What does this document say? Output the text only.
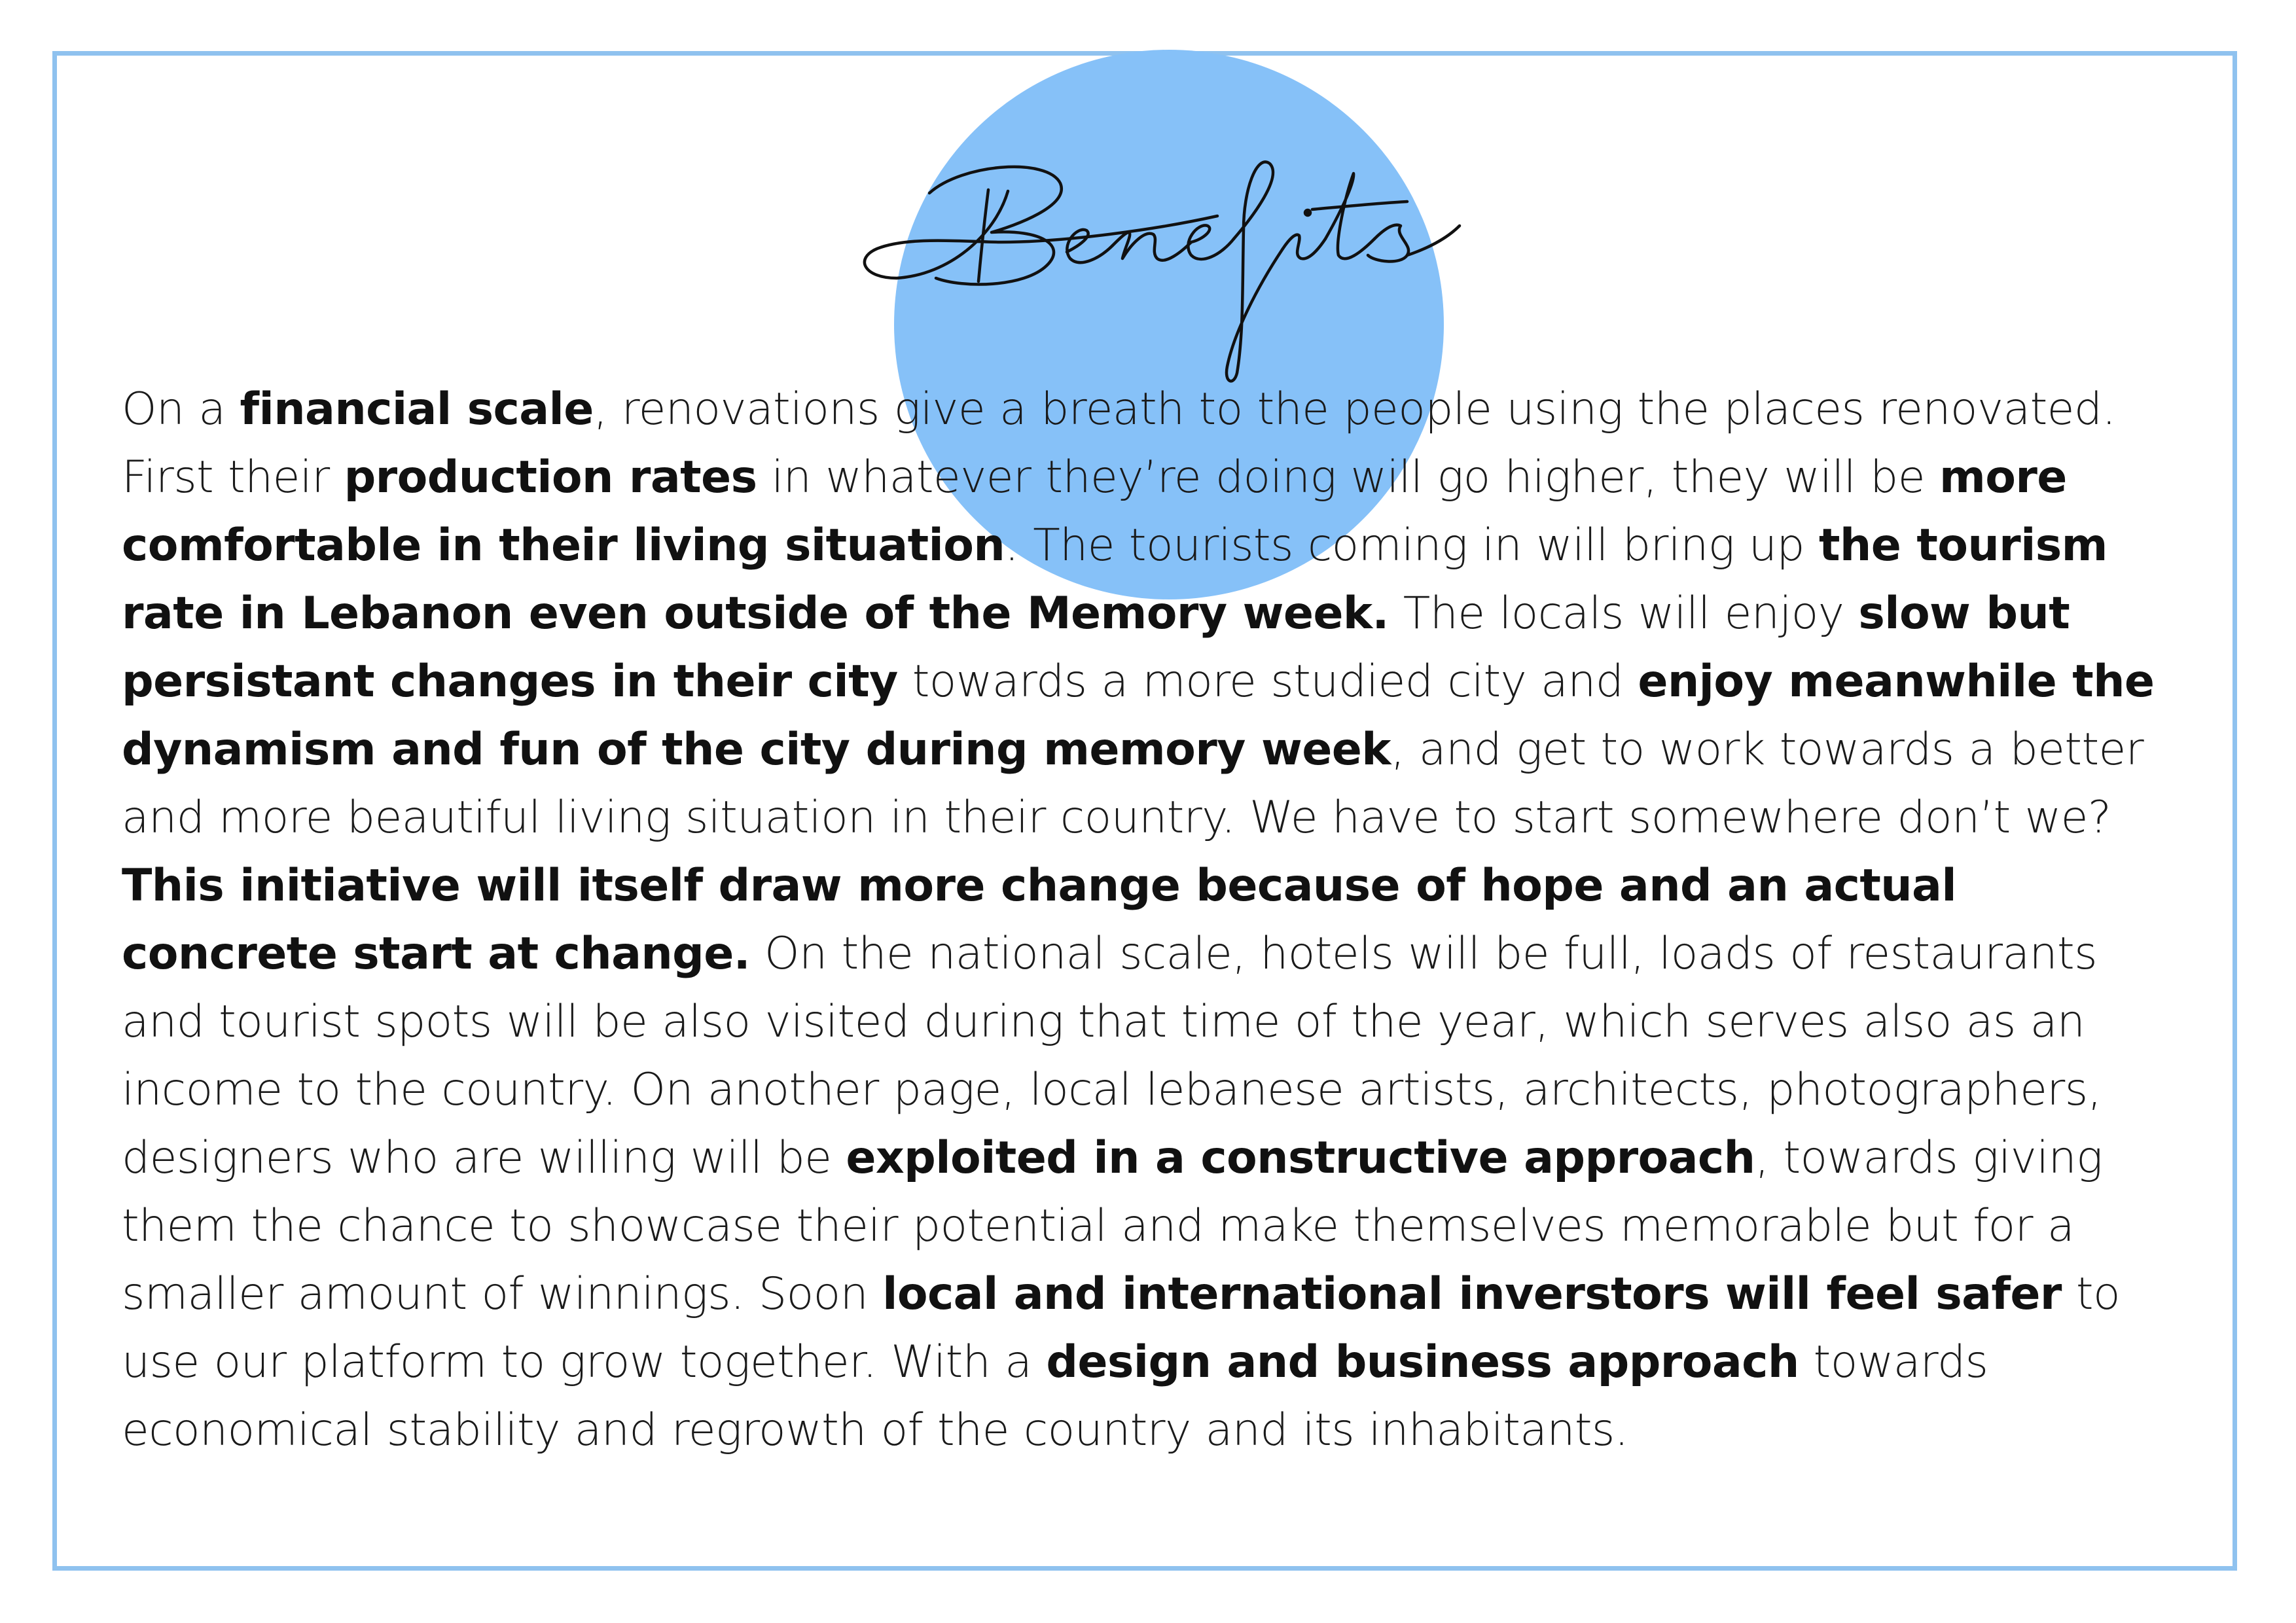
On a financial scale, renovations give a breath to the people using the places renovated. First their production rates in whatever they’re doing will go higher, they will be more comfortable in their living situation. The tourists coming in will bring up the tourism rate in Lebanon even outside of the Memory week. The locals will enjoy slow but persistant changes in their city towards a more studied city and enjoy meanwhile the dynamism and fun of the city during memory week, and get to work towards a better and more beautiful living situation in their country. We have to start somewhere don’t we? This initiative will itself draw more change because of hope and an actual concrete start at change. On the national scale, hotels will be full, loads of restaurants and tourist spots will be also visited during that time of the year, which serves also as an income to the country. On another page, local lebanese artists, architects, photographers, designers who are willing will be exploited in a constructive approach, towards giving them the chance to showcase their potential and make themselves memorable but for a smaller amount of winnings. Soon local and international inverstors will feel safer to use our platform to grow together. With a design and business approach towards economical stability and regrowth of the country and its inhabitants.
